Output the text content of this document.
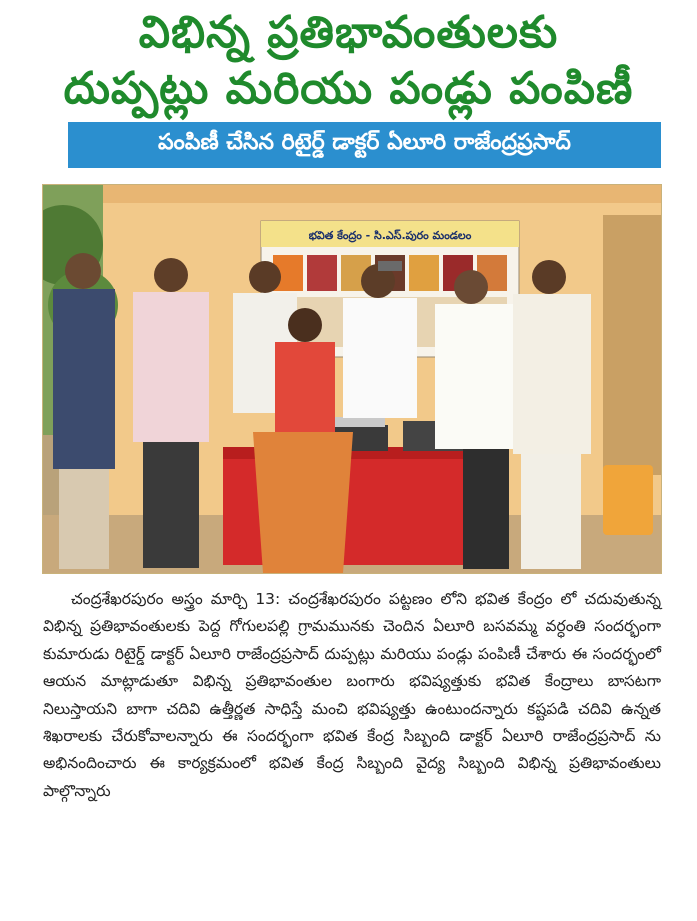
విభిన్న ప్రతిభావంతులకు
దుప్పట్లు మరియు పండ్లు పంపిణీ
పంపిణీ చేసిన రిటైర్డ్ డాక్టర్ ఏలూరి రాజేంద్రప్రసాద్
భవిత కేంద్రం - సి.ఎస్.పురం మండలం
చంద్రశేఖరపురం అస్త్రం మార్చి 13: చంద్రశేఖరపురం పట్టణం లోని భవిత కేంద్రం లో చదువుతున్న విభిన్న ప్రతిభావంతులకు పెద్ద గోగులపల్లి గ్రామమునకు చెందిన ఏలూరి బసవమ్మ వర్ధంతి సందర్భంగా కుమారుడు రిటైర్డ్ డాక్టర్ ఏలూరి రాజేంద్రప్రసాద్ దుప్పట్లు మరియు పండ్లు పంపిణీ చేశారు ఈ సందర్భంలో ఆయన మాట్లాడుతూ విభిన్న ప్రతిభావంతుల బంగారు భవిష్యత్తుకు భవిత కేంద్రాలు బాసటగా నిలుస్తాయని బాగా చదివి ఉత్తీర్ణత సాధిస్తే మంచి భవిష్యత్తు ఉంటుందన్నారు కష్టపడి చదివి ఉన్నత శిఖరాలకు చేరుకోవాలన్నారు ఈ సందర్భంగా భవిత కేంద్ర సిబ్బంది డాక్టర్ ఏలూరి రాజేంద్రప్రసాద్ ను అభినందించారు ఈ కార్యక్రమంలో భవిత కేంద్ర సిబ్బంది వైద్య సిబ్బంది విభిన్న ప్రతిభావంతులు పాల్గొన్నారు
